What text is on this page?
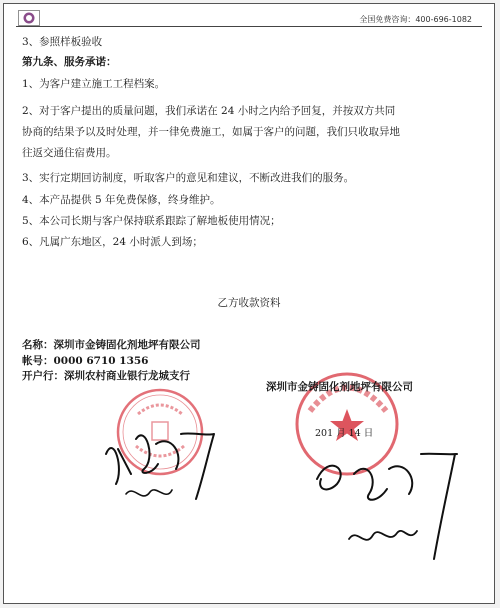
全国免费咨询：400-696-1082
3、参照样板验收
第九条、服务承诺：
1、为客户建立施工工程档案。
2、对于客户提出的质量问题，我们承诺在 24 小时之内给予回复，并按双方共同
协商的结果予以及时处理，并一律免费施工，如属于客户的问题，我们只收取异地
往返交通住宿费用。
3、实行定期回访制度，听取客户的意见和建议，不断改进我们的服务。
4、本产品提供 5 年免费保修，终身维护。
5、本公司长期与客户保持联系跟踪了解地板使用情况；
6、凡属广东地区，24 小时派人到场；
乙方收款资料
名称：深圳市金铸固化剂地坪有限公司
帐号：0000 6710 1356
开户行：深圳农村商业银行龙城支行
深圳市金铸固化剂地坪有限公司
201 月 14 日
